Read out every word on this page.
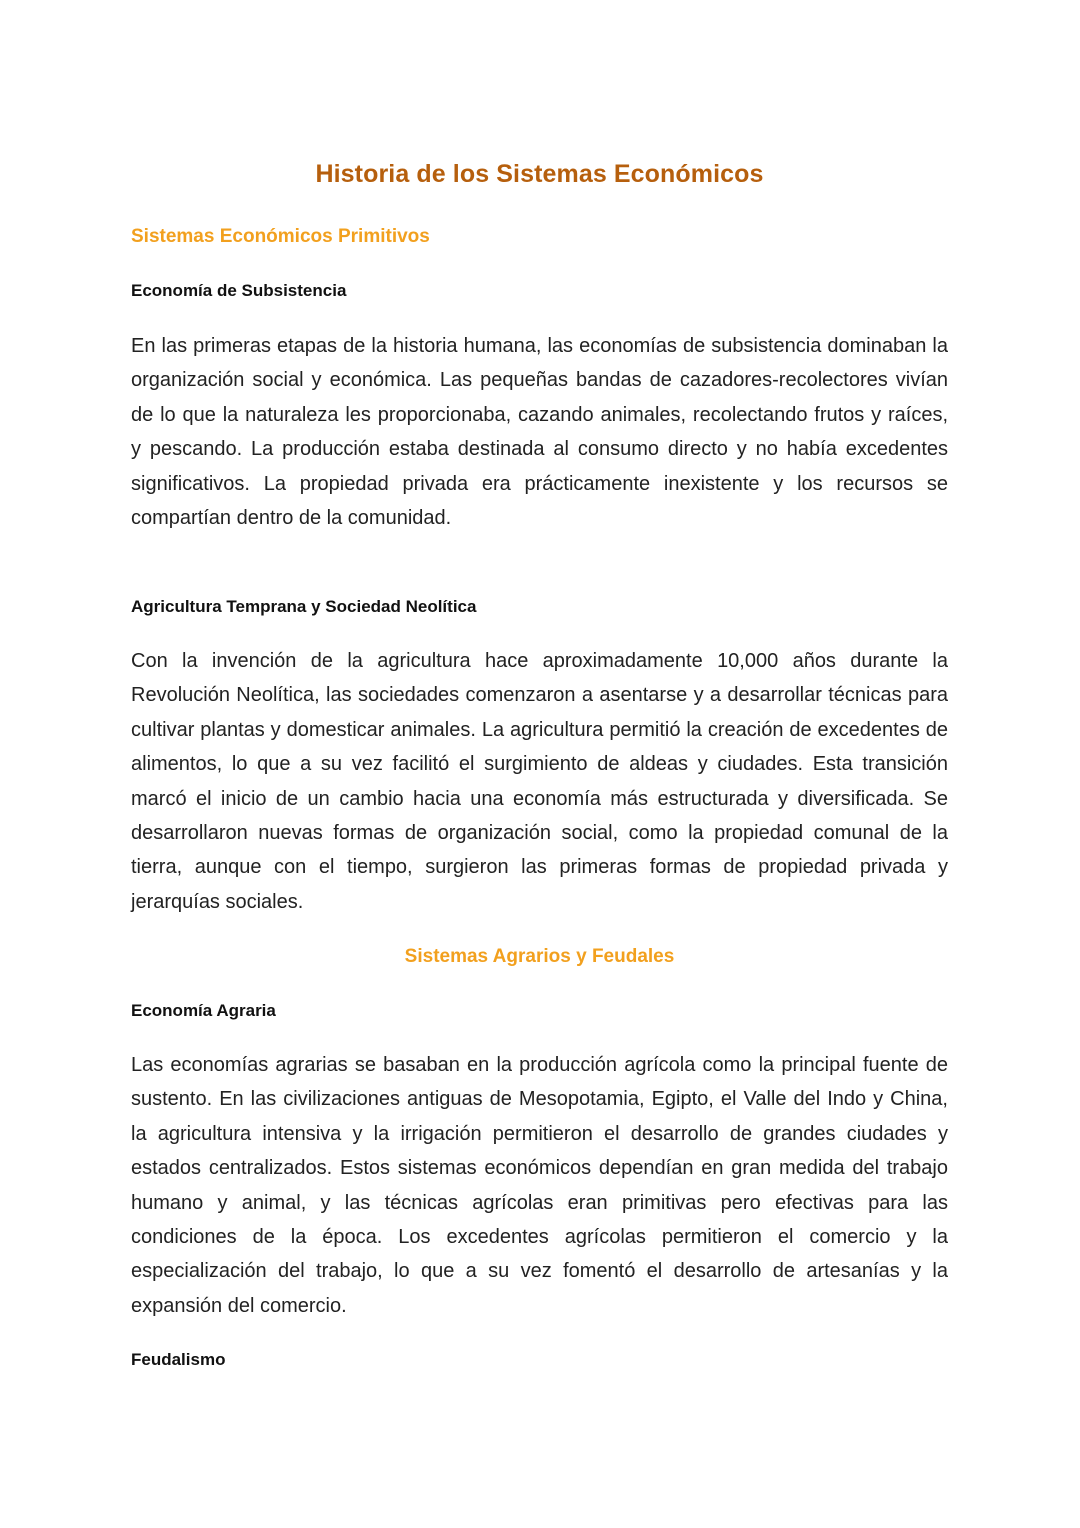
Historia de los Sistemas Económicos
Sistemas Económicos Primitivos
Economía de Subsistencia

En las primeras etapas de la historia humana, las economías de subsistencia dominaban la organización social y económica. Las pequeñas bandas de cazadores-recolectores vivían de lo que la naturaleza les proporcionaba, cazando animales, recolectando frutos y raíces, y pescando. La producción estaba destinada al consumo directo y no había excedentes significativos. La propiedad privada era prácticamente inexistente y los recursos se compartían dentro de la comunidad.

Agricultura Temprana y Sociedad Neolítica

Con la invención de la agricultura hace aproximadamente 10,000 años durante la Revolución Neolítica, las sociedades comenzaron a asentarse y a desarrollar técnicas para cultivar plantas y domesticar animales. La agricultura permitió la creación de excedentes de alimentos, lo que a su vez facilitó el surgimiento de aldeas y ciudades. Esta transición marcó el inicio de un cambio hacia una economía más estructurada y diversificada. Se desarrollaron nuevas formas de organización social, como la propiedad comunal de la tierra, aunque con el tiempo, surgieron las primeras formas de propiedad privada y jerarquías sociales.

Sistemas Agrarios y Feudales
Economía Agraria

Las economías agrarias se basaban en la producción agrícola como la principal fuente de sustento. En las civilizaciones antiguas de Mesopotamia, Egipto, el Valle del Indo y China, la agricultura intensiva y la irrigación permitieron el desarrollo de grandes ciudades y estados centralizados. Estos sistemas económicos dependían en gran medida del trabajo humano y animal, y las técnicas agrícolas eran primitivas pero efectivas para las condiciones de la época. Los excedentes agrícolas permitieron el comercio y la especialización del trabajo, lo que a su vez fomentó el desarrollo de artesanías y la expansión del comercio.

Feudalismo
